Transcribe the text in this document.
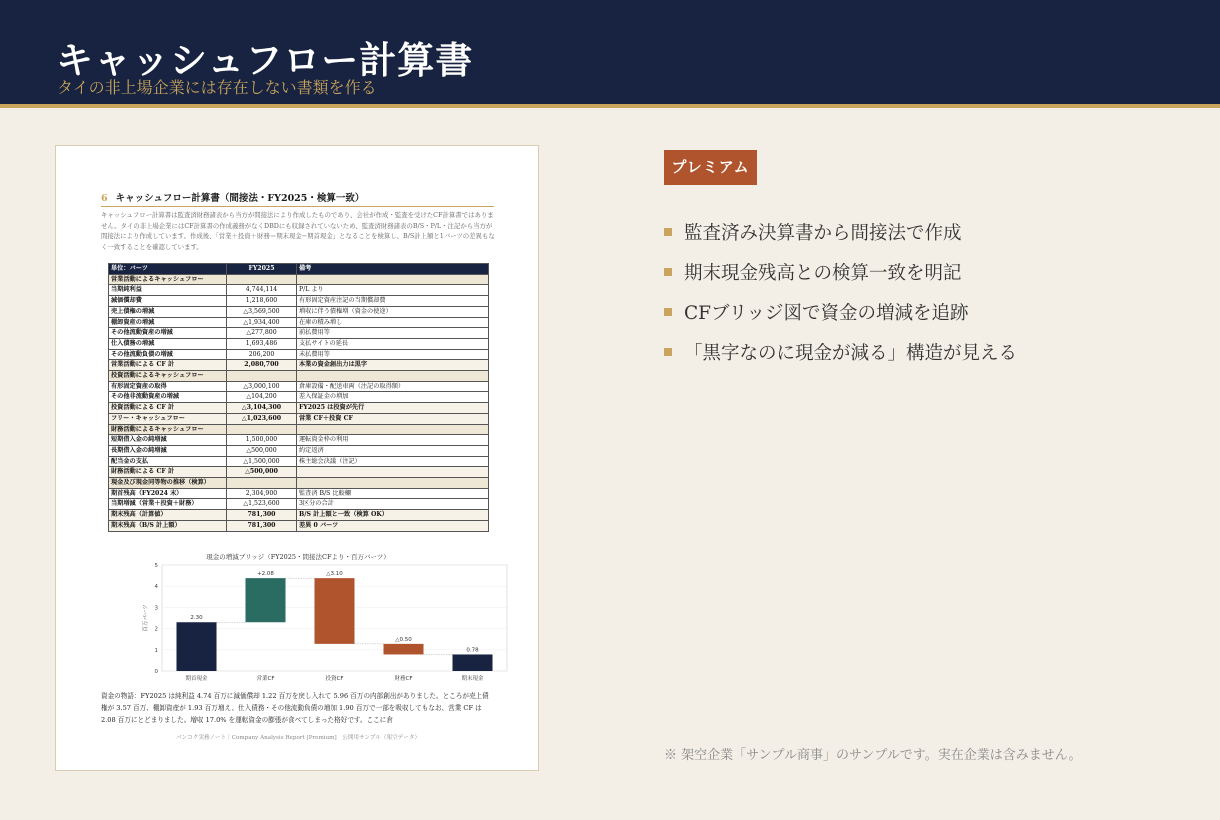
キャッシュフロー計算書
タイの非上場企業には存在しない書類を作る
6 キャッシュフロー計算書（間接法・FY2025・検算一致）
キャッシュフロー計算書は監査済財務諸表から当方が間接法により作成したものであり、会社が作成・監査を受けたCF計算書ではありません。タイの非上場企業にはCF計算書の作成義務がなくDBDにも収録されていないため、監査済財務諸表のB/S・P/L・注記から当方が間接法により作成しています。作成後、「営業＋投資＋財務＝期末現金−期首現金」となることを検算し、B/S計上額と1バーツの差異もなく一致することを確認しています。
単位：バーツ	FY2025	備考
営業活動によるキャッシュフロー		
当期純利益	4,744,114	P/L より
減価償却費	1,218,600	有形固定資産注記の当期償却費
売上債権の増減	△3,569,500	増収に伴う債権増（資金の使途）
棚卸資産の増減	△1,934,400	在庫の積み増し
その他流動資産の増減	△277,800	前払費用等
仕入債務の増減	1,693,486	支払サイトの延長
その他流動負債の増減	206,200	未払費用等
営業活動による CF 計	2,080,700	本業の資金創出力は黒字
投資活動によるキャッシュフロー		
有形固定資産の取得	△3,000,100	倉庫設備・配送車両（注記の取得額）
その他非流動資産の増減	△104,200	差入保証金の増加
投資活動による CF 計	△3,104,300	FY2025 は投資が先行
フリー・キャッシュフロー	△1,023,600	営業 CF＋投資 CF
財務活動によるキャッシュフロー		
短期借入金の純増減	1,500,000	運転資金枠の利用
長期借入金の純増減	△500,000	約定返済
配当金の支払	△1,500,000	株主総会決議（注記）
財務活動による CF 計	△500,000	
現金及び現金同等物の推移（検算）		
期首残高（FY2024 末）	2,304,900	監査済 B/S 比較欄
当期増減（営業＋投資＋財務）	△1,523,600	3区分の合計
期末残高（計算値）	781,300	B/S 計上額と一致（検算 OK）
期末残高（B/S 計上額）	781,300	差異 0 バーツ
現金の増減ブリッジ（FY2025・間接法CFより・百万バーツ）
0
1
2
3
4
5
百万バーツ	2.30
期首現金
+2.08
営業CF
△3.10
投資CF
△0.50
財務CF
0.78
期末現金
資金の物語：FY2025 は純利益 4.74 百万に減価償却 1.22 百万を戻し入れて 5.96 百万の内部創出がありました。ところが売上債権が 3.57 百万、棚卸資産が 1.93 百万増え、仕入債務・その他流動負債の増加 1.90 百万で一部を吸収してもなお、営業 CF は 2.08 百万にとどまりました。増収 17.0% を運転資金の膨張が食べてしまった格好です。ここに倉
バンコク実務ノート｜Company Analysis Report [Premium]　公開用サンプル（架空データ）
プレミアム
監査済み決算書から間接法で作成
期末現金残高との検算一致を明記
CFブリッジ図で資金の増減を追跡
「黒字なのに現金が減る」構造が見える
※ 架空企業「サンプル商事」のサンプルです。実在企業は含みません。
